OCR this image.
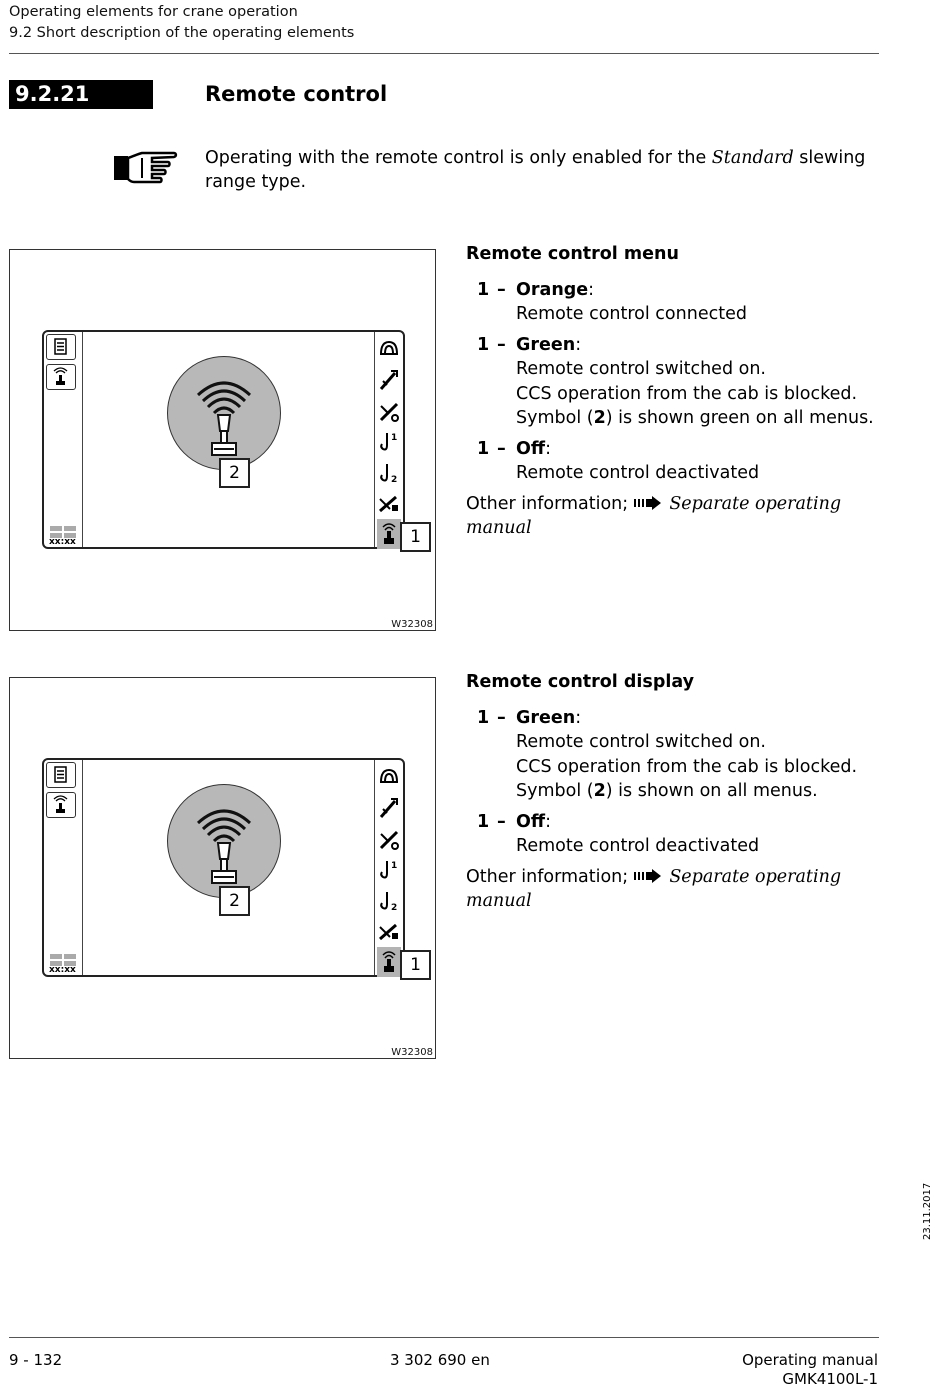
Operating elements for crane operation
9.2 Short description of the operating elements
9.2.21	Remote control
Operating with the remote control is only enabled for the Standard slewing range type.
xx:xx
2
1
2
1
W32308
Remote control menu
1 – Orange:
Remote control connected
1 – Green:
Remote control switched on.
CCS operation from the cab is blocked.
Symbol (2) is shown green on all menus.
1 – Off:
Remote control deactivated
Other information; Separate operating manual
xx:xx
2
1
2
1
W32308
Remote control display
1 – Green:
Remote control switched on.
CCS operation from the cab is blocked.
Symbol (2) is shown on all menus.
1 – Off:
Remote control deactivated
Other information; Separate operating manual
23.11.2017
9 - 132	3 302 690 en	Operating manual
GMK4100L-1
